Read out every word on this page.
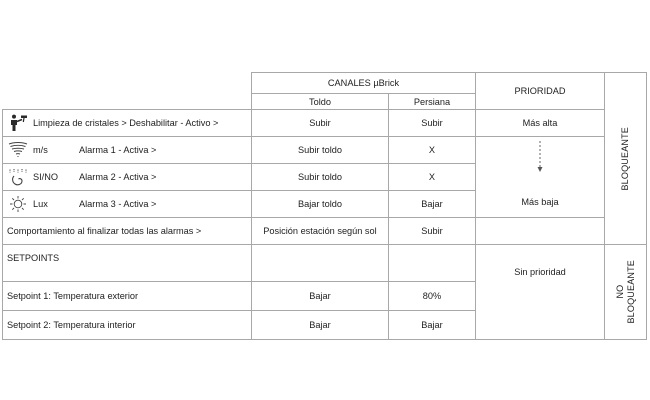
	CANALES µBrick		PRIORIDAD	BLOQUEANTE

	Toldo	Persiana		

Limpieza de cristales > Deshabilitar - Activo >	Subir	Subir	Más alta	

m/s Alarma 1 - Activa >	Subir toldo	X	Más baja	

SI/NO Alarma 2 - Activa >	Subir toldo	X		

Lux Alarma 3 - Activa >	Bajar toldo	Bajar		
Comportamiento al finalizar todas las alarmas >	Posición estación según sol	Subir		
SETPOINTS			Sin prioridad	NO
BLOQUEANTE

Setpoint 1: Temperatura exterior	Bajar	80%		
Setpoint 2: Temperatura interior	Bajar	Bajar		
